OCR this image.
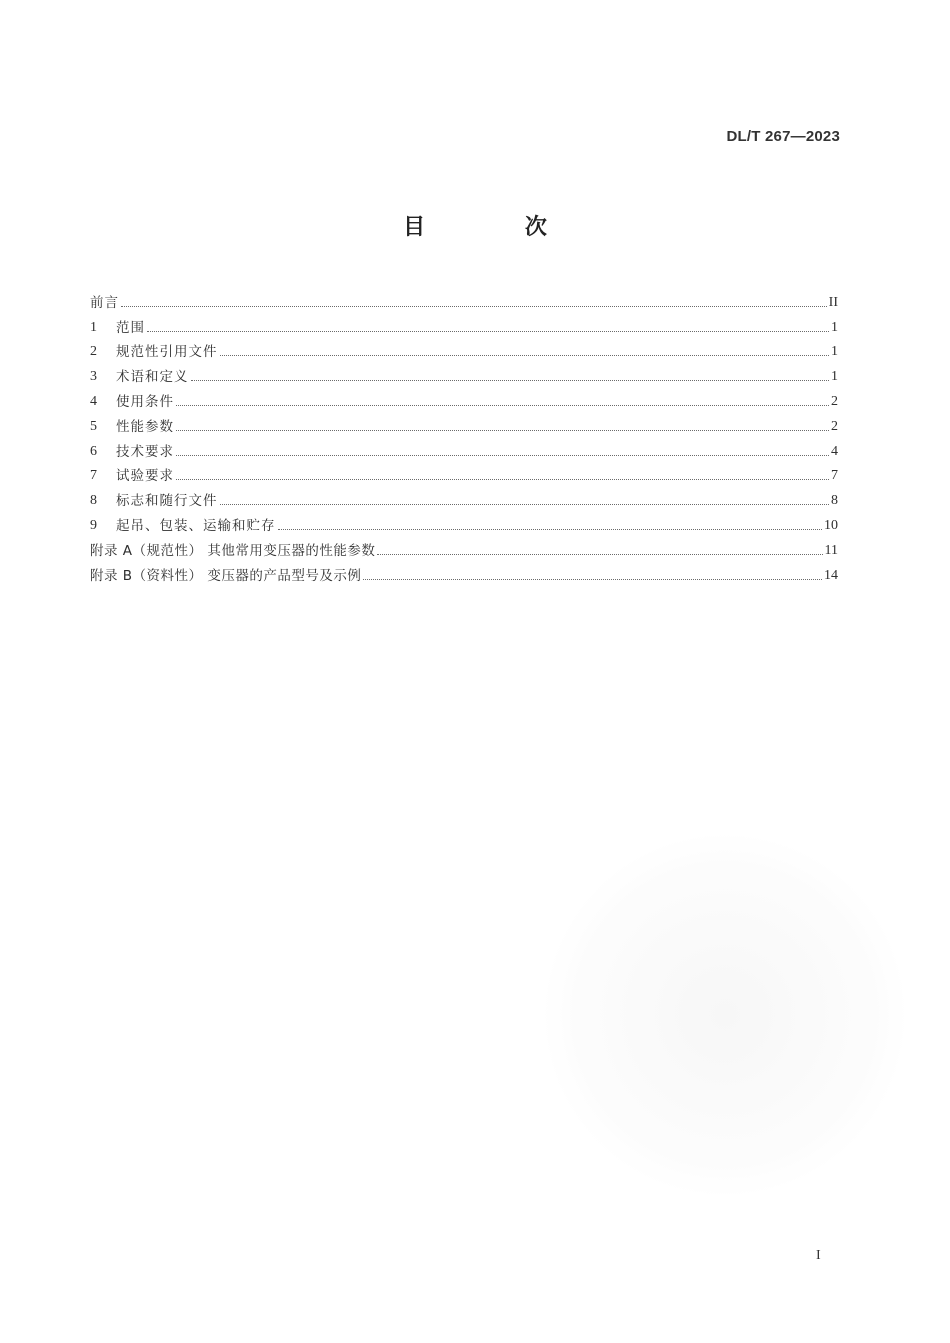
DL/T 267—2023
目 次
前言	II
1	范围	1
2	规范性引用文件	1
3	术语和定义	1
4	使用条件	2
5	性能参数	2
6	技术要求	4
7	试验要求	7
8	标志和随行文件	8
9	起吊、包装、运输和贮存	10
附录 A（规范性） 其他常用变压器的性能参数	11
附录 B（资料性） 变压器的产品型号及示例	14
I
